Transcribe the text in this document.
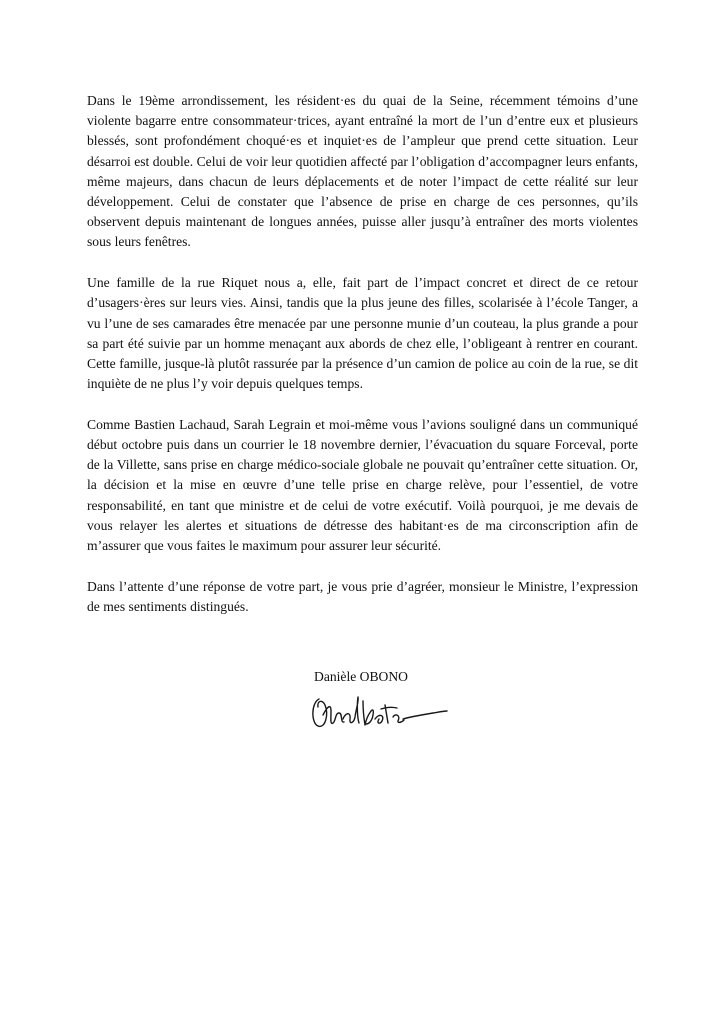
Dans le 19ème arrondissement, les résident·es du quai de la Seine, récemment témoins d’une violente bagarre entre consommateur·trices, ayant entraîné la mort de l’un d’entre eux et plusieurs blessés, sont profondément choqué·es et inquiet·es de l’ampleur que prend cette situation. Leur désarroi est double. Celui de voir leur quotidien affecté par l’obligation d’accompagner leurs enfants, même majeurs, dans chacun de leurs déplacements et de noter l’impact de cette réalité sur leur développement. Celui de constater que l’absence de prise en charge de ces personnes, qu’ils observent depuis maintenant de longues années, puisse aller jusqu’à entraîner des morts violentes sous leurs fenêtres.

Une famille de la rue Riquet nous a, elle, fait part de l’impact concret et direct de ce retour d’usagers·ères sur leurs vies. Ainsi, tandis que la plus jeune des filles, scolarisée à l’école Tanger, a vu l’une de ses camarades être menacée par une personne munie d’un couteau, la plus grande a pour sa part été suivie par un homme menaçant aux abords de chez elle, l’obligeant à rentrer en courant. Cette famille, jusque-là plutôt rassurée par la présence d’un camion de police au coin de la rue, se dit inquiète de ne plus l’y voir depuis quelques temps.

Comme Bastien Lachaud, Sarah Legrain et moi-même vous l’avions souligné dans un communiqué début octobre puis dans un courrier le 18 novembre dernier, l’évacuation du square Forceval, porte de la Villette, sans prise en charge médico-sociale globale ne pouvait qu’entraîner cette situation. Or, la décision et la mise en œuvre d’une telle prise en charge relève, pour l’essentiel, de votre responsabilité, en tant que ministre et de celui de votre exécutif. Voilà pourquoi, je me devais de vous relayer les alertes et situations de détresse des habitant·es de ma circonscription afin de m’assurer que vous faites le maximum pour assurer leur sécurité.

Dans l’attente d’une réponse de votre part, je vous prie d’agréer, monsieur le Ministre, l’expression de mes sentiments distingués.

Danièle OBONO
